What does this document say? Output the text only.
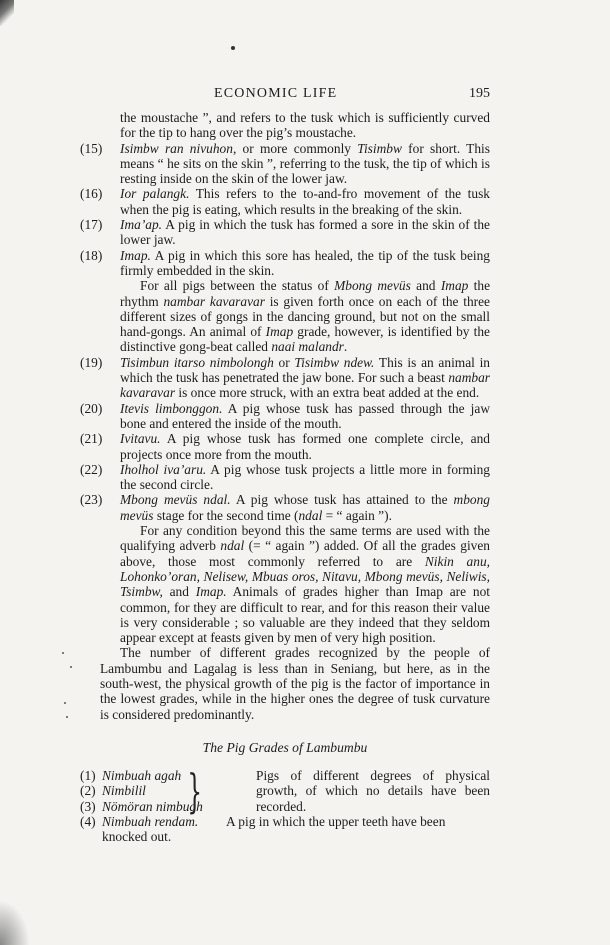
ECONOMIC LIFE	195

the moustache ”, and refers to the tusk which is sufficiently curved for the tip to hang over the pig’s moustache.

(15) Isimbw ran nivuhon, or more commonly Tisimbw for short. This means “ he sits on the skin ”, referring to the tusk, the tip of which is resting inside on the skin of the lower jaw.
(16) Ior palangk. This refers to the to-and-fro movement of the tusk when the pig is eating, which results in the breaking of the skin.
(17) Ima’ap. A pig in which the tusk has formed a sore in the skin of the lower jaw.
(18) Imap. A pig in which this sore has healed, the tip of the tusk being firmly embedded in the skin.
For all pigs between the status of Mbong mevüs and Imap the rhythm nambar kavaravar is given forth once on each of the three different sizes of gongs in the dancing ground, but not on the small hand-gongs. An animal of Imap grade, however, is identified by the distinctive gong-beat called naai malandr.
(19) Tisimbun itarso nimbolongh or Tisimbw ndew. This is an animal in which the tusk has penetrated the jaw bone. For such a beast nambar kavaravar is once more struck, with an extra beat added at the end.
(20) Itevis limbonggon. A pig whose tusk has passed through the jaw bone and entered the inside of the mouth.
(21) Ivitavu. A pig whose tusk has formed one complete circle, and projects once more from the mouth.
(22) Iholhol iva’aru. A pig whose tusk projects a little more in forming the second circle.
(23) Mbong mevüs ndal. A pig whose tusk has attained to the mbong mevüs stage for the second time (ndal = “ again ”).
For any condition beyond this the same terms are used with the qualifying adverb ndal (= “ again ”) added. Of all the grades given above, those most commonly referred to are Nikin anu, Lohonko’oran, Nelisew, Mbuas oros, Nitavu, Mbong mevüs, Neliwis, Tsimbw, and Imap. Animals of grades higher than Imap are not common, for they are difficult to rear, and for this reason their value is very considerable ; so valuable are they indeed that they seldom appear except at feasts given by men of very high position.

The number of different grades recognized by the people of Lambumbu and Lagalag is less than in Seniang, but here, as in the south-west, the physical growth of the pig is the factor of importance in the lowest grades, while in the higher ones the degree of tusk curvature is considered predominantly.

The Pig Grades of Lambumbu
(1) Nimbuah agah
(2) Nimbilil
(3) Nömöran nimbuah
}	Pigs of different degrees of physical growth, of which no details have been recorded.
(4) Nimbuah rendam. A pig in which the upper teeth have been
knocked out.
